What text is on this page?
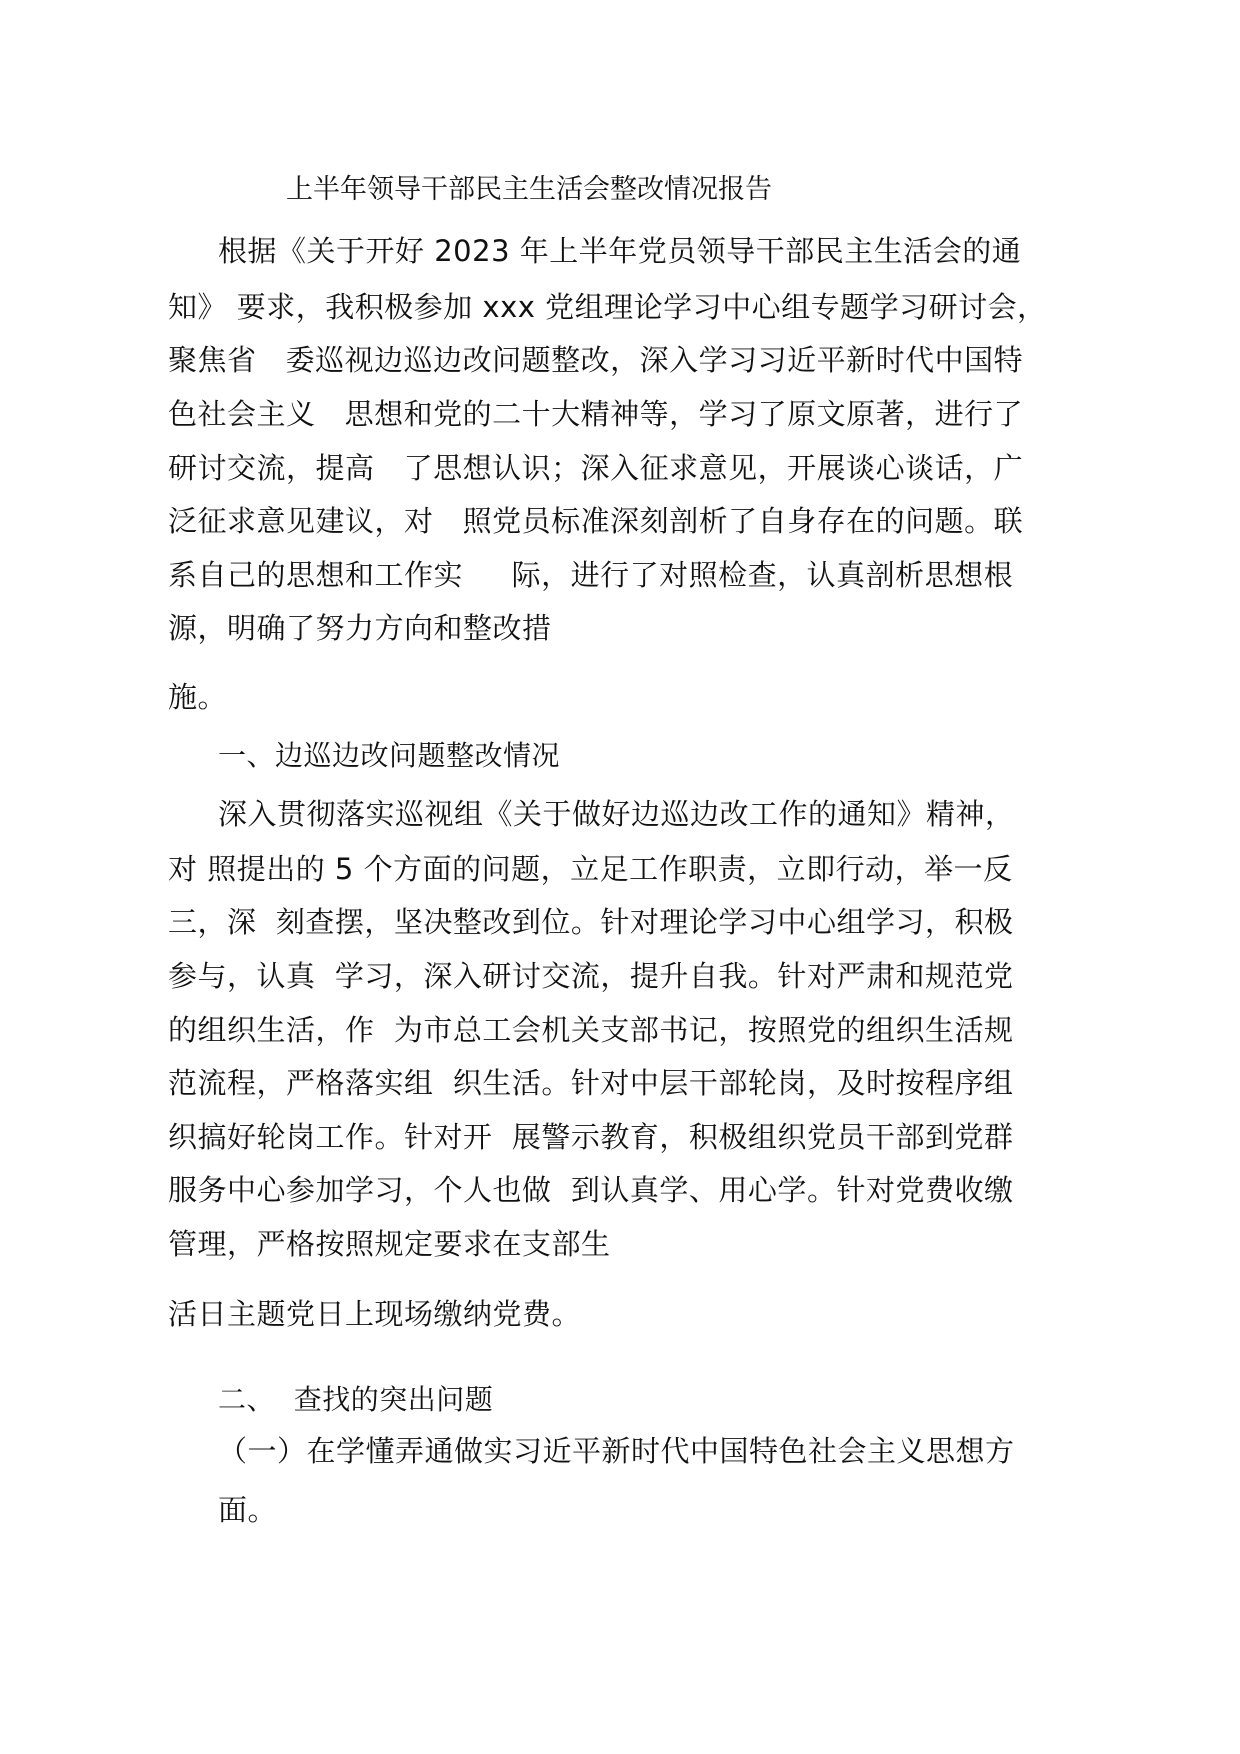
上半年领导干部民主生活会整改情况报告
根据《关于开好 2023 年上半年党员领导干部民主生活会的通
知》 要求，我积极参加 xxx 党组理论学习中心组专题学习研讨会，
聚焦省   委巡视边巡边改问题整改，深入学习习近平新时代中国特
色社会主义   思想和党的二十大精神等，学习了原文原著，进行了
研讨交流，提高   了思想认识；深入征求意见，开展谈心谈话，广
泛征求意见建议，对   照党员标准深刻剖析了自身存在的问题。联
系自己的思想和工作实     际，进行了对照检查，认真剖析思想根
源，明确了努力方向和整改措
施。
一、边巡边改问题整改情况
深入贯彻落实巡视组《关于做好边巡边改工作的通知》精神，
对 照提出的 5 个方面的问题，立足工作职责，立即行动，举一反
三，深  刻查摆，坚决整改到位。针对理论学习中心组学习，积极
参与，认真  学习，深入研讨交流，提升自我。针对严肃和规范党
的组织生活，作  为市总工会机关支部书记，按照党的组织生活规
范流程，严格落实组  织生活。针对中层干部轮岗，及时按程序组
织搞好轮岗工作。针对开  展警示教育，积极组织党员干部到党群
服务中心参加学习，个人也做  到认真学、用心学。针对党费收缴
管理，严格按照规定要求在支部生
活日主题党日上现场缴纳党费。
二、  查找的突出问题
（一）在学懂弄通做实习近平新时代中国特色社会主义思想方
面。
